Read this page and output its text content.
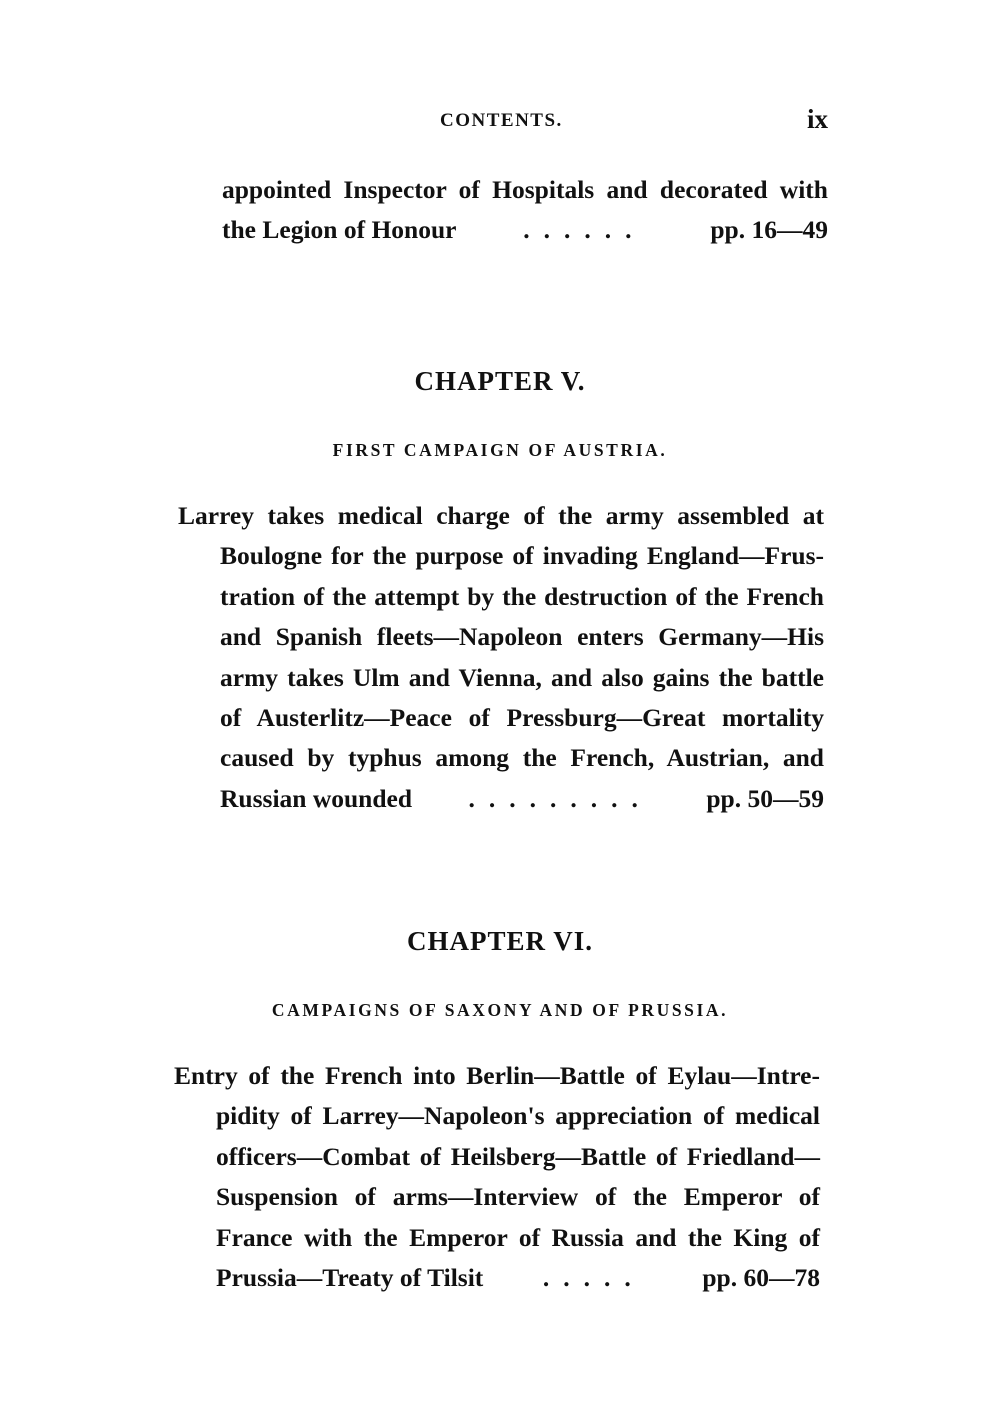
CONTENTS.	ix
appointed Inspector of Hospitals and decorated with
the Legion of Honour	......	pp. 16—49
CHAPTER V.
FIRST CAMPAIGN OF AUSTRIA.
Larrey takes medical charge of the army assembled at
Boulogne for the purpose of invading England—Frus-
tration of the attempt by the destruction of the French
and Spanish fleets—Napoleon enters Germany—His
army takes Ulm and Vienna, and also gains the battle
of Austerlitz—Peace of Pressburg—Great mortality
caused by typhus among the French, Austrian, and
Russian wounded	.........	pp. 50—59
CHAPTER VI.
CAMPAIGNS OF SAXONY AND OF PRUSSIA.
Entry of the French into Berlin—Battle of Eylau—Intre-
pidity of Larrey—Napoleon's appreciation of medical
officers—Combat of Heilsberg—Battle of Friedland—
Suspension of arms—Interview of the Emperor of
France with the Emperor of Russia and the King of
Prussia—Treaty of Tilsit	.....	pp. 60—78
